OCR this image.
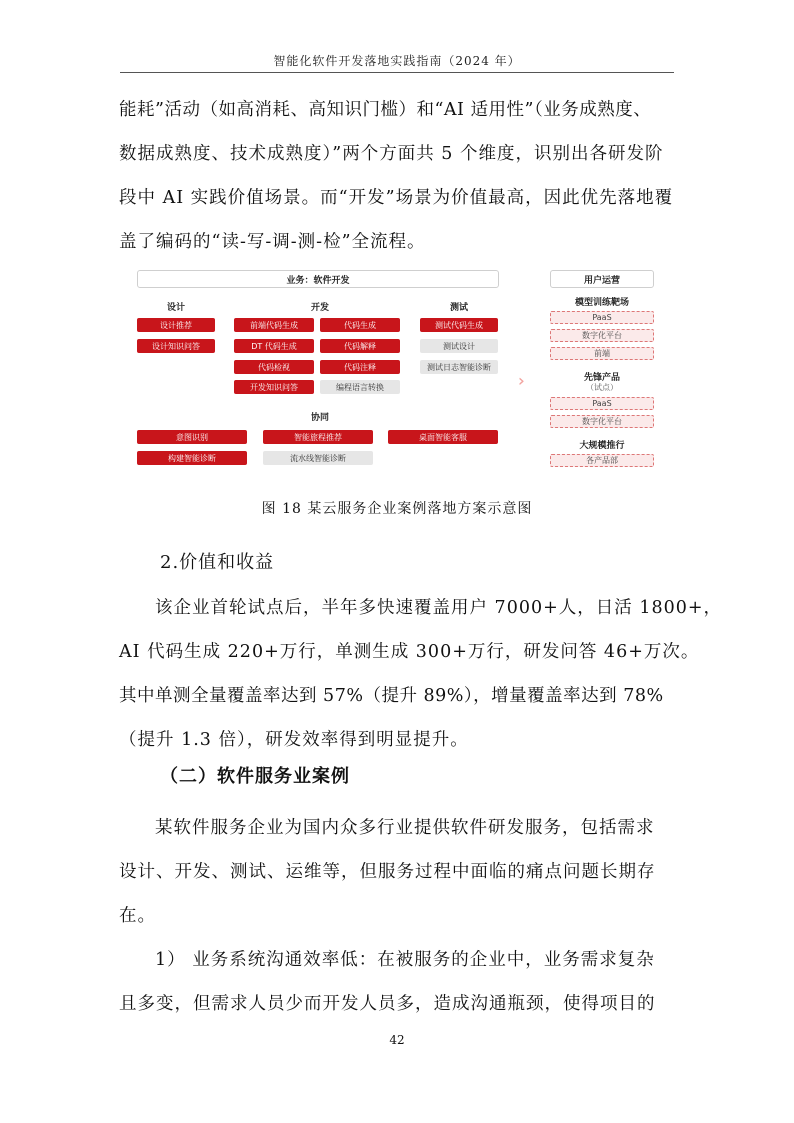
智能化软件开发落地实践指南（2024 年）

能耗”活动（如高消耗、高知识门槛）和“AI 适用性”（业务成熟度、
数据成熟度、技术成熟度）”两个方面共 5 个维度，识别出各研发阶
段中 AI 实践价值场景。而“开发”场景为价值最高，因此优先落地覆
盖了编码的“读-写-调-测-检”全流程。

业务：软件开发
设计	开发	测试
设计推荐
设计知识问答
前端代码生成	代码生成
DT 代码生成	代码解释
代码检视	代码注释
开发知识问答	编程语言转换
测试代码生成
测试设计
测试日志智能诊断
协同
意图识别	智能旅程推荐	桌面智能客服
构建智能诊断	流水线智能诊断
››
用户运营
模型训练靶场
PaaS
数字化平台
前端
先锋产品
（试点）
PaaS
数字化平台
大规模推行
各产品部
图 18 某云服务企业案例落地方案示意图
2.价值和收益

该企业首轮试点后，半年多快速覆盖用户 7000+人，日活 1800+，
AI 代码生成 220+万行，单测生成 300+万行，研发问答 46+万次。
其中单测全量覆盖率达到 57%（提升 89%），增量覆盖率达到 78%
（提升 1.3 倍），研发效率得到明显提升。

（二）软件服务业案例

某软件服务企业为国内众多行业提供软件研发服务，包括需求
设计、开发、测试、运维等，但服务过程中面临的痛点问题长期存
在。

1） 业务系统沟通效率低：在被服务的企业中，业务需求复杂
且多变，但需求人员少而开发人员多，造成沟通瓶颈，使得项目的

42
